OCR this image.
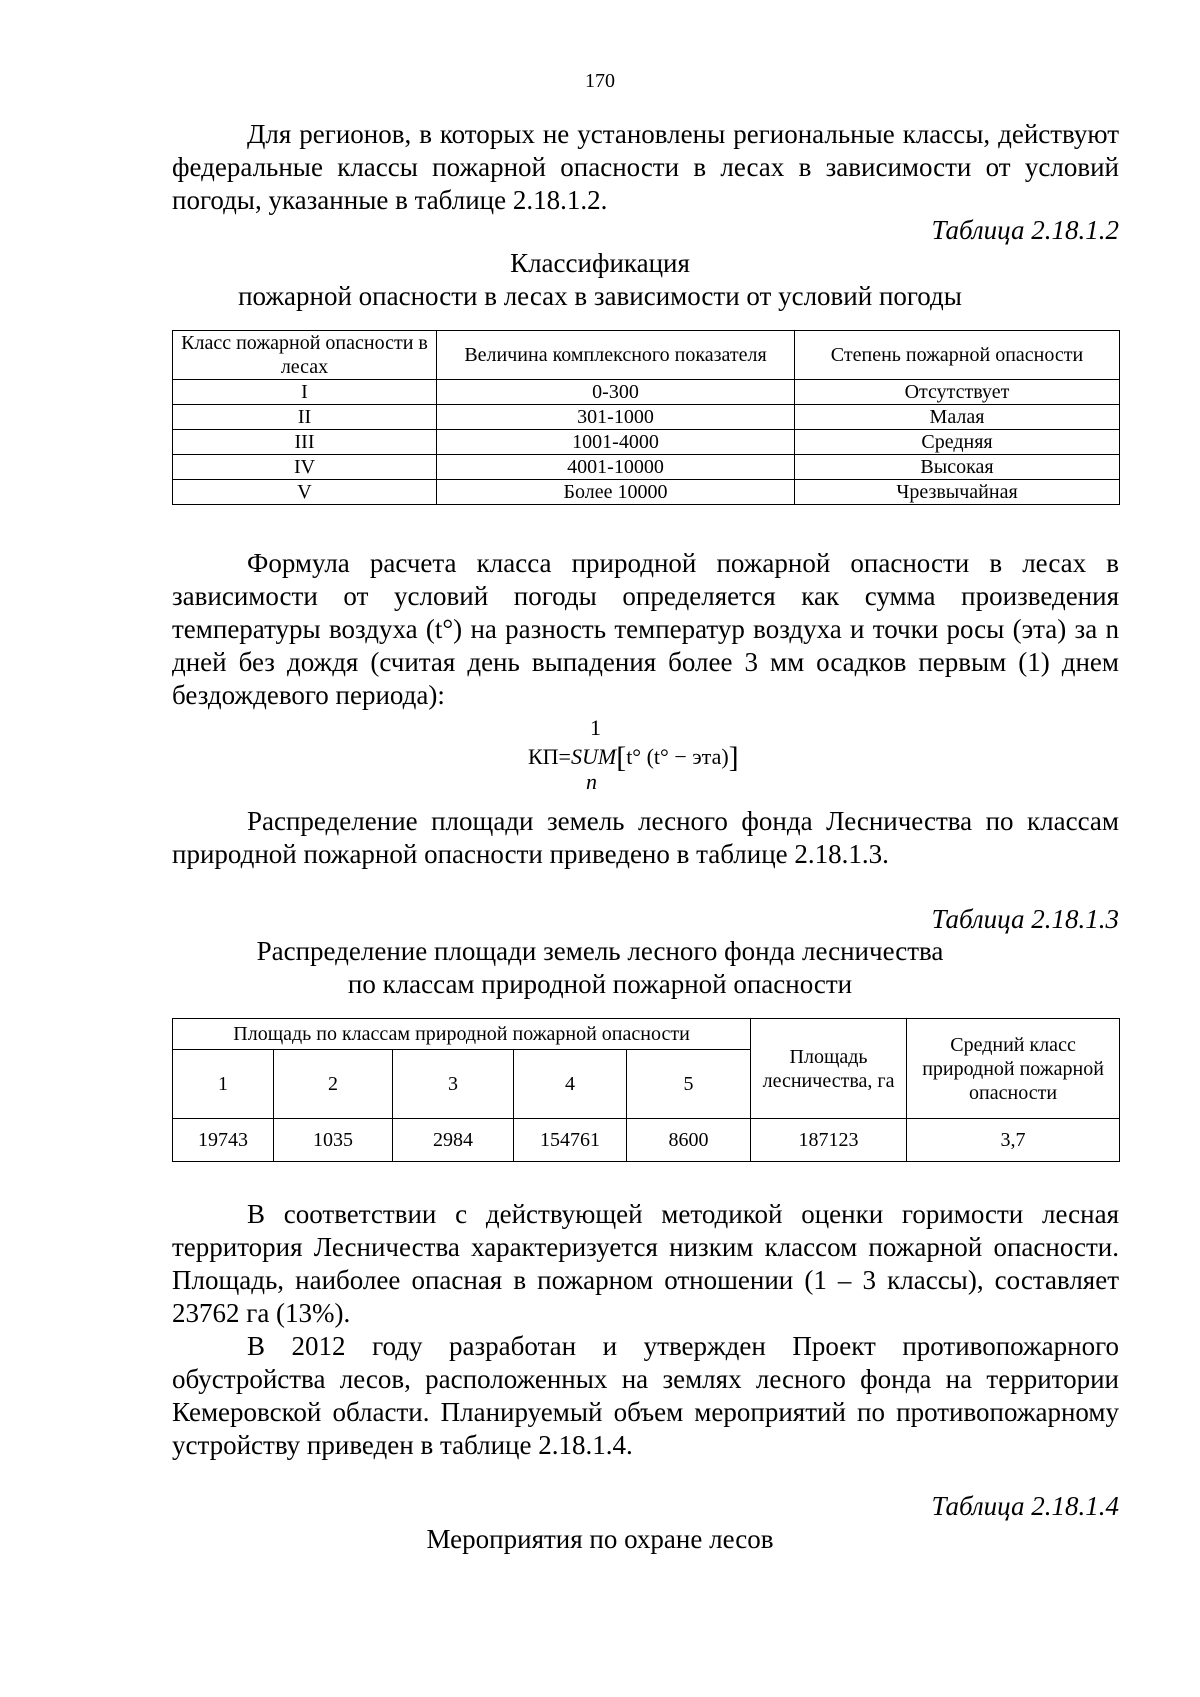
170

Для регионов, в которых не установлены региональные классы, действуют федеральные классы пожарной опасности в лесах в зависимости от условий погоды, указанные в таблице 2.18.1.2.

Таблица 2.18.1.2
Классификация
пожарной опасности в лесах в зависимости от условий погоды
Класс пожарной опасности в лесах	Величина комплексного показателя	Степень пожарной опасности
I	0-300	Отсутствует
II	301-1000	Малая
III	1001-4000	Средняя
IV	4001-10000	Высокая
V	Более 10000	Чрезвычайная

Формула расчета класса природной пожарной опасности в лесах в зависимости от условий погоды определяется как сумма произведения температуры воздуха (t°) на разность температур воздуха и точки росы (эта) за n дней без дождя (считая день выпадения более 3 мм осадков первым (1) днем бездождевого периода):

1
КП=SUM[t° (t° − эта)]
n

Распределение площади земель лесного фонда Лесничества по классам природной пожарной опасности приведено в таблице 2.18.1.3.

Таблица 2.18.1.3
Распределение площади земель лесного фонда лесничества
по классам природной пожарной опасности
Площадь по классам природной пожарной опасности					Площадь лесничества, га	Средний класс природной пожарной опасности
1	2	3	4	5		
19743	1035	2984	154761	8600	187123	3,7

В соответствии с действующей методикой оценки горимости лесная территория Лесничества характеризуется низким классом пожарной опасности. Площадь, наиболее опасная в пожарном отношении (1 – 3 классы), составляет 23762 га (13%).

В 2012 году разработан и утвержден Проект противопожарного обустройства лесов, расположенных на землях лесного фонда на территории Кемеровской области. Планируемый объем мероприятий по противопожарному устройству приведен в таблице 2.18.1.4.

Таблица 2.18.1.4
Мероприятия по охране лесов
